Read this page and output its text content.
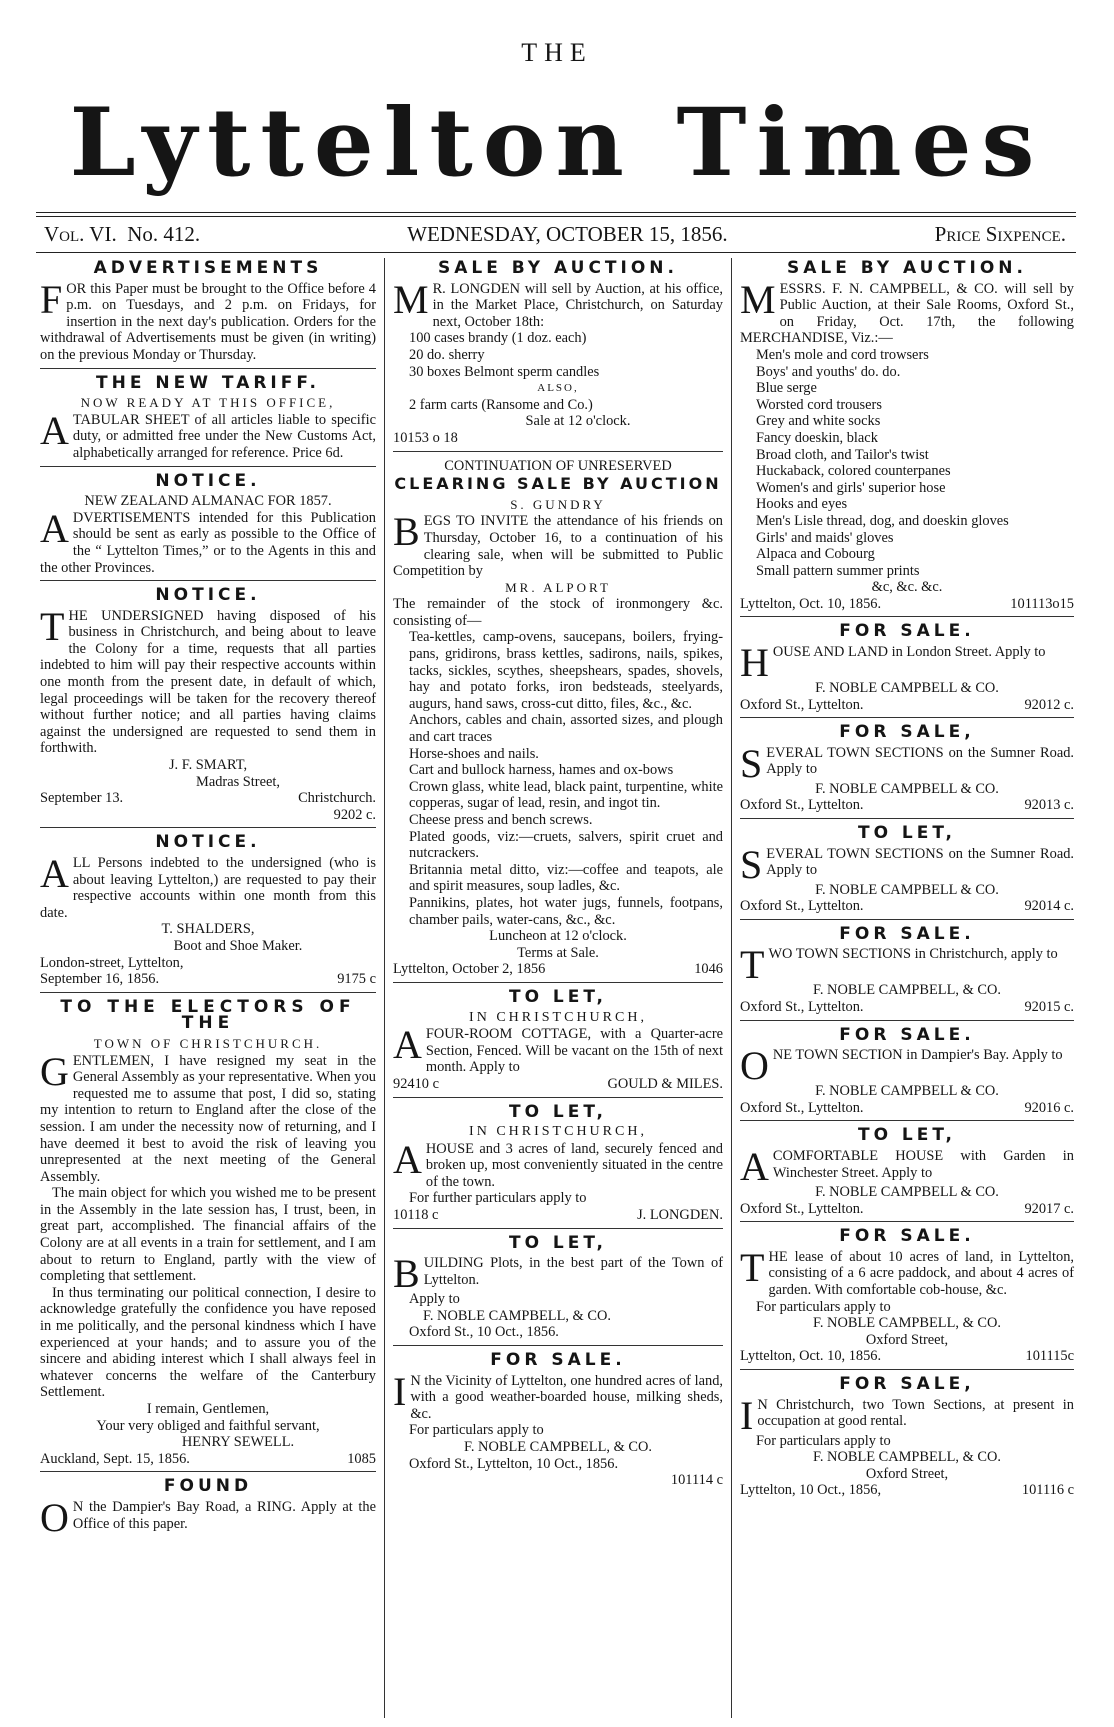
THE
Lyttelton Times
Vol. VI. No. 412.	WEDNESDAY, OCTOBER 15, 1856.	Price Sixpence.
ADVERTISEMENTS

FOR this Paper must be brought to the Office before 4 p.m. on Tuesdays, and 2 p.m. on Fridays, for insertion in the next day's publication. Orders for the withdrawal of Advertisements must be given (in writing) on the previous Monday or Thursday.

THE NEW TARIFF.
NOW READY AT THIS OFFICE,

ATABULAR SHEET of all articles liable to specific duty, or admitted free under the New Customs Act, alphabetically arranged for reference. Price 6d.

NOTICE.
NEW ZEALAND ALMANAC FOR 1857.

ADVERTISEMENTS intended for this Publication should be sent as early as possible to the Office of the “ Lyttelton Times,” or to the Agents in this and the other Provinces.

NOTICE.

THE UNDERSIGNED having disposed of his business in Christchurch, and being about to leave the Colony for a time, requests that all parties indebted to him will pay their respective accounts within one month from the present date, in default of which, legal proceedings will be taken for the recovery thereof without further notice; and all parties having claims against the undersigned are requested to send them in forthwith.

J. F. SMART,
Madras Street,
September 13.	Christchurch.
9202 c.
NOTICE.

ALL Persons indebted to the undersigned (who is about leaving Lyttelton,) are requested to pay their respective accounts within one month from this date.

T. SHALDERS,
Boot and Shoe Maker.
London-street, Lyttelton,
September 16, 1856.	9175 c
TO THE ELECTORS OF THE
TOWN OF CHRISTCHURCH.

GENTLEMEN, I have resigned my seat in the General Assembly as your representative. When you requested me to assume that post, I did so, stating my intention to return to England after the close of the session. I am under the necessity now of returning, and I have deemed it best to avoid the risk of leaving you unrepresented at the next meeting of the General Assembly.

The main object for which you wished me to be present in the Assembly in the late session has, I trust, been, in great part, accomplished. The financial affairs of the Colony are at all events in a train for settlement, and I am about to return to England, partly with the view of completing that settlement.

In thus terminating our political connection, I desire to acknowledge gratefully the confidence you have reposed in me politically, and the personal kindness which I have experienced at your hands; and to assure you of the sincere and abiding interest which I shall always feel in whatever concerns the welfare of the Canterbury Settlement.

I remain, Gentlemen,
Your very obliged and faithful servant,
HENRY SEWELL.
Auckland, Sept. 15, 1856.	1085
FOUND

O N the Dampier's Bay Road, a RING. Apply at the Office of this paper.

SALE BY AUCTION.

M R. LONGDEN will sell by Auction, at his office, in the Market Place, Christchurch, on Saturday next, October 18th:

100 cases brandy (1 doz. each)
20 do. sherry
30 boxes Belmont sperm candles
ALSO,
2 farm carts (Ransome and Co.)
Sale at 12 o'clock.
10153 o 18
CONTINUATION OF UNRESERVED
CLEARING SALE BY AUCTION
S. GUNDRY

BEGS TO INVITE the attendance of his friends on Thursday, October 16, to a continuation of his clearing sale, when will be submitted to Public Competition by

MR. ALPORT

The remainder of the stock of ironmongery &c. consisting of—

Tea-kettles, camp-ovens, saucepans, boilers, frying-pans, gridirons, brass kettles, sadirons, nails, spikes, tacks, sickles, scythes, sheepshears, spades, shovels, hay and potato forks, iron bedsteads, steelyards, augurs, hand saws, cross-cut ditto, files, &c., &c.

Anchors, cables and chain, assorted sizes, and plough and cart traces

Horse-shoes and nails.

Cart and bullock harness, hames and ox-bows

Crown glass, white lead, black paint, turpentine, white copperas, sugar of lead, resin, and ingot tin.

Cheese press and bench screws.

Plated goods, viz:—cruets, salvers, spirit cruet and nutcrackers.

Britannia metal ditto, viz:—coffee and teapots, ale and spirit measures, soup ladles, &c.

Pannikins, plates, hot water jugs, funnels, footpans, chamber pails, water-cans, &c., &c.

Luncheon at 12 o'clock.
Terms at Sale.
Lyttelton, October 2, 1856	1046
TO LET,
IN CHRISTCHURCH,

AFOUR-ROOM COTTAGE, with a Quarter-acre Section, Fenced. Will be vacant on the 15th of next month. Apply to

92410 c	GOULD & MILES.
TO LET,
IN CHRISTCHURCH,

AHOUSE and 3 acres of land, securely fenced and broken up, most conveniently situated in the centre of the town.

For further particulars apply to
10118 c	J. LONGDEN.
TO LET,

BUILDING Plots, in the best part of the Town of Lyttelton.

Apply to
F. NOBLE CAMPBELL, & CO.
Oxford St., 10 Oct., 1856.
FOR SALE.

I N the Vicinity of Lyttelton, one hundred acres of land, with a good weather-boarded house, milking sheds, &c.

For particulars apply to
F. NOBLE CAMPBELL, & CO.
Oxford St., Lyttelton, 10 Oct., 1856.
101114 c
SALE BY AUCTION.

MESSRS. F. N. CAMPBELL, & CO. will sell by Public Auction, at their Sale Rooms, Oxford St., on Friday, Oct. 17th, the following MERCHANDISE, Viz.:—

Men's mole and cord trowsers
Boys' and youths' do. do.
Blue serge
Worsted cord trousers
Grey and white socks
Fancy doeskin, black
Broad cloth, and Tailor's twist
Huckaback, colored counterpanes
Women's and girls' superior hose
Hooks and eyes
Men's Lisle thread, dog, and doeskin gloves
Girls' and maids' gloves
Alpaca and Cobourg
Small pattern summer prints
&c, &c. &c.
Lyttelton, Oct. 10, 1856.	101113o15
FOR SALE.

HOUSE AND LAND in London Street. Apply to

F. NOBLE CAMPBELL & CO.
Oxford St., Lyttelton.	92012 c.
FOR SALE,

SEVERAL TOWN SECTIONS on the Sumner Road. Apply to

F. NOBLE CAMPBELL & CO.
Oxford St., Lyttelton.	92013 c.
TO LET,

SEVERAL TOWN SECTIONS on the Sumner Road. Apply to

F. NOBLE CAMPBELL & CO.
Oxford St., Lyttelton.	92014 c.
FOR SALE.

TWO TOWN SECTIONS in Christchurch, apply to

F. NOBLE CAMPBELL, & CO.
Oxford St., Lyttelton.	92015 c.
FOR SALE.

ONE TOWN SECTION in Dampier's Bay. Apply to

F. NOBLE CAMPBELL & CO.
Oxford St., Lyttelton.	92016 c.
TO LET,

ACOMFORTABLE HOUSE with Garden in Winchester Street. Apply to

F. NOBLE CAMPBELL & CO.
Oxford St., Lyttelton.	92017 c.
FOR SALE.

THE lease of about 10 acres of land, in Lyttelton, consisting of a 6 acre paddock, and about 4 acres of garden. With comfortable cob-house, &c.

For particulars apply to
F. NOBLE CAMPBELL, & CO.
Oxford Street,
Lyttelton, Oct. 10, 1856.	101115c
FOR SALE,

I N Christchurch, two Town Sections, at present in occupation at good rental.

For particulars apply to
F. NOBLE CAMPBELL, & CO.
Oxford Street,
Lyttelton, 10 Oct., 1856,	101116 c
